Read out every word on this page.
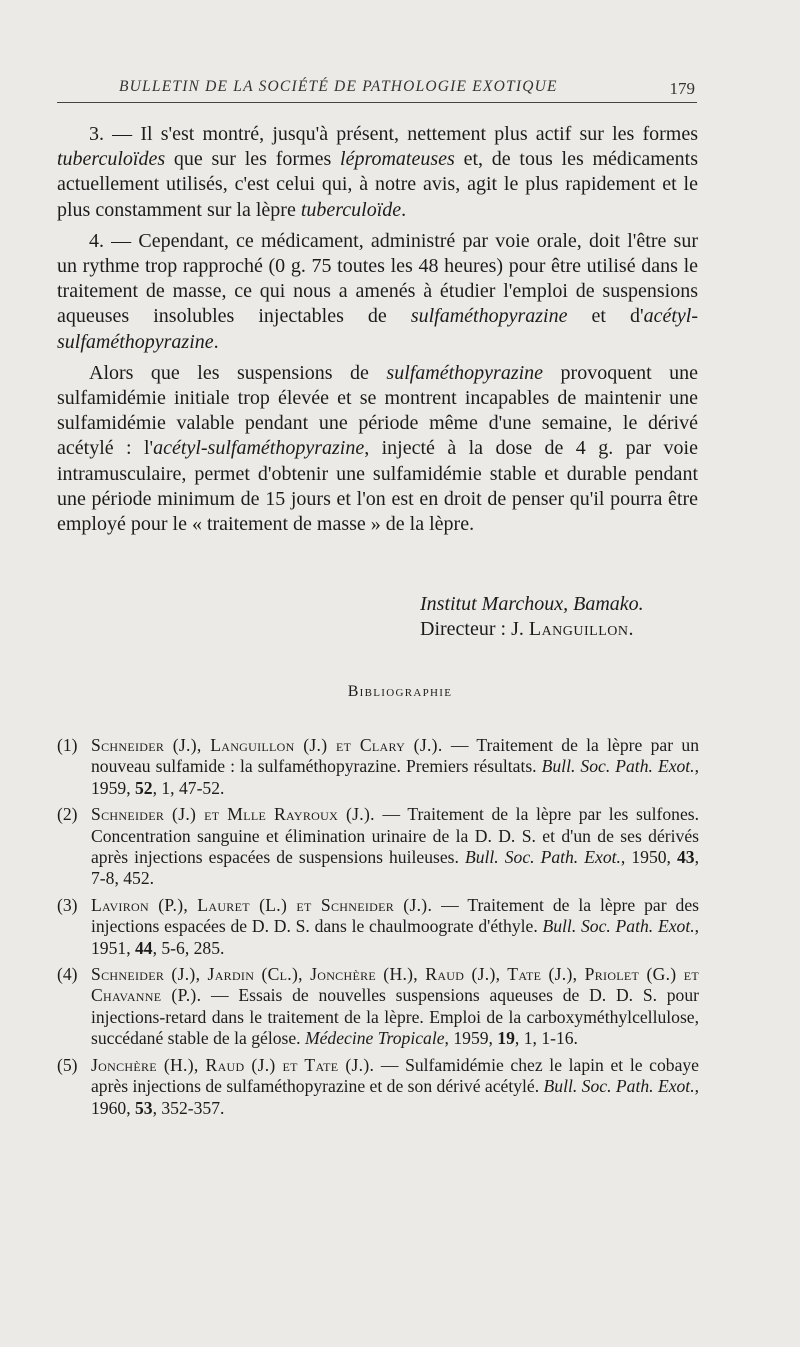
BULLETIN DE LA SOCIÉTÉ DE PATHOLOGIE EXOTIQUE	179

3. — Il s'est montré, jusqu'à présent, nettement plus actif sur les formes tuberculoïdes que sur les formes lépromateuses et, de tous les médicaments actuellement utilisés, c'est celui qui, à notre avis, agit le plus rapidement et le plus constamment sur la lèpre tuberculoïde.

4. — Cependant, ce médicament, administré par voie orale, doit l'être sur un rythme trop rapproché (0 g. 75 toutes les 48 heures) pour être utilisé dans le traitement de masse, ce qui nous a amenés à étudier l'emploi de suspensions aqueuses insolubles injectables de sulfaméthopyrazine et d'acétyl-sulfaméthopyrazine.

Alors que les suspensions de sulfaméthopyrazine provoquent une sulfamidémie initiale trop élevée et se montrent incapables de maintenir une sulfamidémie valable pendant une période même d'une semaine, le dérivé acétylé : l'acétyl-sulfaméthopyrazine, injecté à la dose de 4 g. par voie intramusculaire, permet d'obtenir une sulfamidémie stable et durable pendant une période minimum de 15 jours et l'on est en droit de penser qu'il pourra être employé pour le « traitement de masse » de la lèpre.

Institut Marchoux, Bamako.
Directeur : J. Languillon.
Bibliographie
(1) Schneider (J.), Languillon (J.) et Clary (J.). — Traitement de la lèpre par un nouveau sulfamide : la sulfaméthopyrazine. Premiers résultats. Bull. Soc. Path. Exot., 1959, 52, 1, 47-52.
(2) Schneider (J.) et Mlle Rayroux (J.). — Traitement de la lèpre par les sulfones. Concentration sanguine et élimination urinaire de la D. D. S. et d'un de ses dérivés après injections espacées de suspensions huileuses. Bull. Soc. Path. Exot., 1950, 43, 7-8, 452.
(3) Laviron (P.), Lauret (L.) et Schneider (J.). — Traitement de la lèpre par des injections espacées de D. D. S. dans le chaulmoograte d'éthyle. Bull. Soc. Path. Exot., 1951, 44, 5-6, 285.
(4) Schneider (J.), Jardin (Cl.), Jonchère (H.), Raud (J.), Tate (J.), Priolet (G.) et Chavanne (P.). — Essais de nouvelles suspensions aqueuses de D. D. S. pour injections-retard dans le traitement de la lèpre. Emploi de la carboxyméthylcellulose, succédané stable de la gélose. Médecine Tropicale, 1959, 19, 1, 1-16.
(5) Jonchère (H.), Raud (J.) et Tate (J.). — Sulfamidémie chez le lapin et le cobaye après injections de sulfaméthopyrazine et de son dérivé acétylé. Bull. Soc. Path. Exot., 1960, 53, 352-357.
